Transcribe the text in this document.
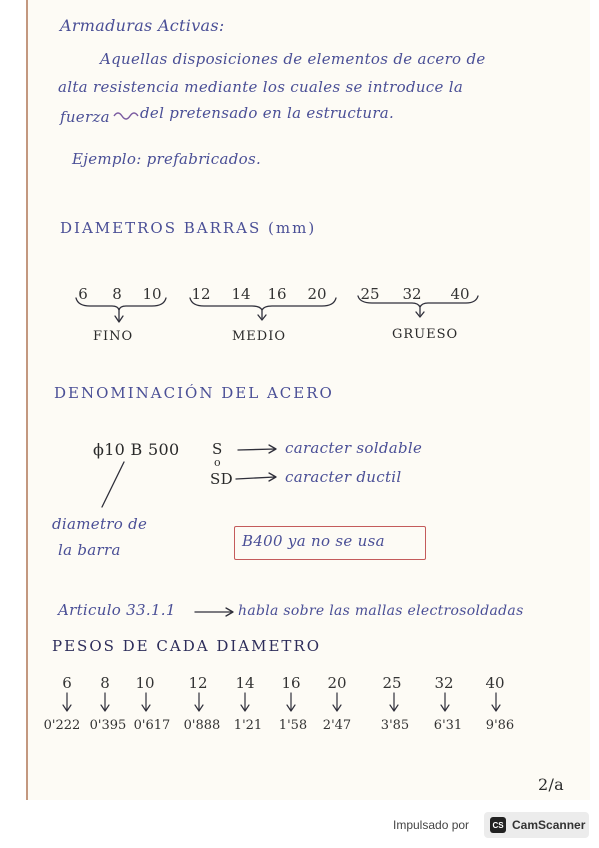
Armaduras Activas:
Aquellas disposiciones de elementos de acero de
alta resistencia mediante los cuales se introduce la
fuerza del pretensado en la estructura.
Ejemplo: prefabricados.
DIAMETROS BARRAS (mm)
6	8	10	12	14	16	20	25	32	40
FINO	MEDIO	GRUESO
DENOMINACIÓN DEL ACERO
ϕ10 B 500 S
o
SD
caracter soldable
caracter ductil
diametro de
la barra	B400 ya no se usa
Articulo 33.1.1	habla sobre las mallas electrosoldadas
PESOS DE CADA DIAMETRO
6	8	10	12	14	16	20	25	32	40
0'222 0'395 0'617	0'888	1'21	1'58	2'47	3'85	6'31	9'86
2/a
Impulsado por	CS CamScanner
